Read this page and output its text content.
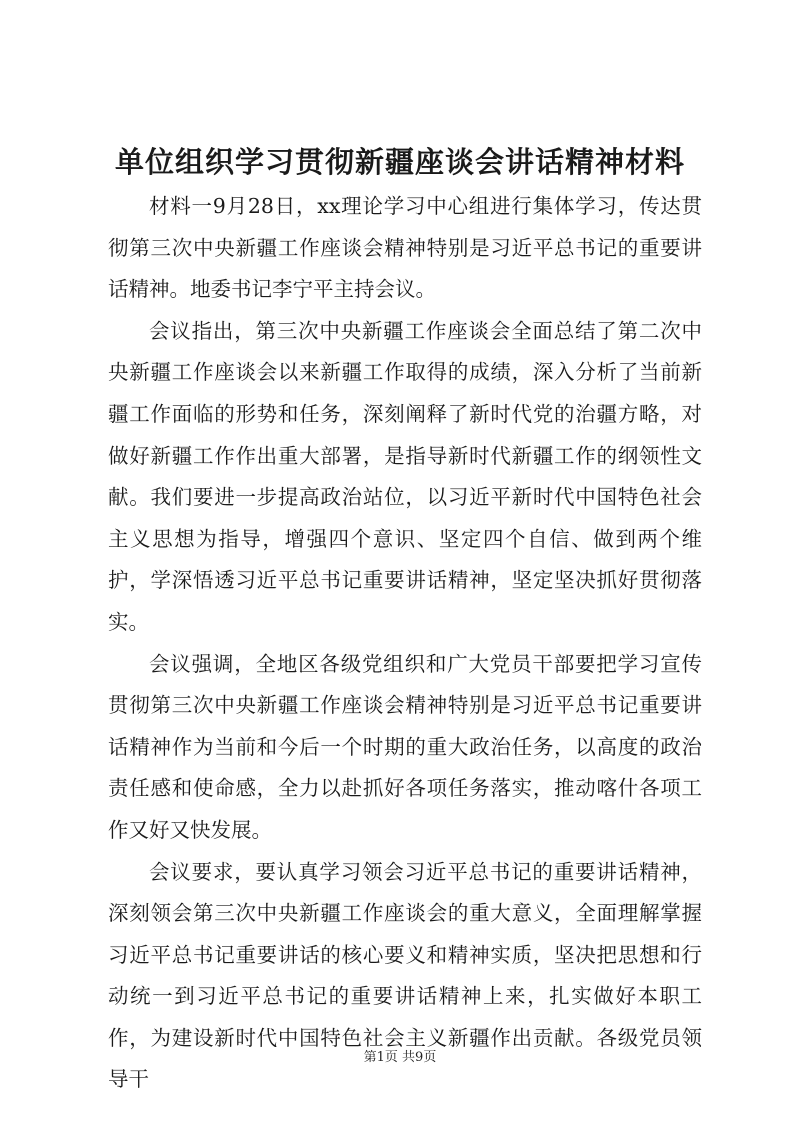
单位组织学习贯彻新疆座谈会讲话精神材料

材料一9月28日，xx理论学习中心组进行集体学习，传达贯彻第三次中央新疆工作座谈会精神特别是习近平总书记的重要讲话精神。地委书记李宁平主持会议。

会议指出，第三次中央新疆工作座谈会全面总结了第二次中央新疆工作座谈会以来新疆工作取得的成绩，深入分析了当前新疆工作面临的形势和任务，深刻阐释了新时代党的治疆方略，对做好新疆工作作出重大部署，是指导新时代新疆工作的纲领性文献。我们要进一步提高政治站位，以习近平新时代中国特色社会主义思想为指导，增强四个意识、坚定四个自信、做到两个维护，学深悟透习近平总书记重要讲话精神，坚定坚决抓好贯彻落实。

会议强调，全地区各级党组织和广大党员干部要把学习宣传贯彻第三次中央新疆工作座谈会精神特别是习近平总书记重要讲话精神作为当前和今后一个时期的重大政治任务，以高度的政治责任感和使命感，全力以赴抓好各项任务落实，推动喀什各项工作又好又快发展。

会议要求，要认真学习领会习近平总书记的重要讲话精神，深刻领会第三次中央新疆工作座谈会的重大意义，全面理解掌握习近平总书记重要讲话的核心要义和精神实质，坚决把思想和行动统一到习近平总书记的重要讲话精神上来，扎实做好本职工作，为建设新时代中国特色社会主义新疆作出贡献。各级党员领导干

第1页 共9页
